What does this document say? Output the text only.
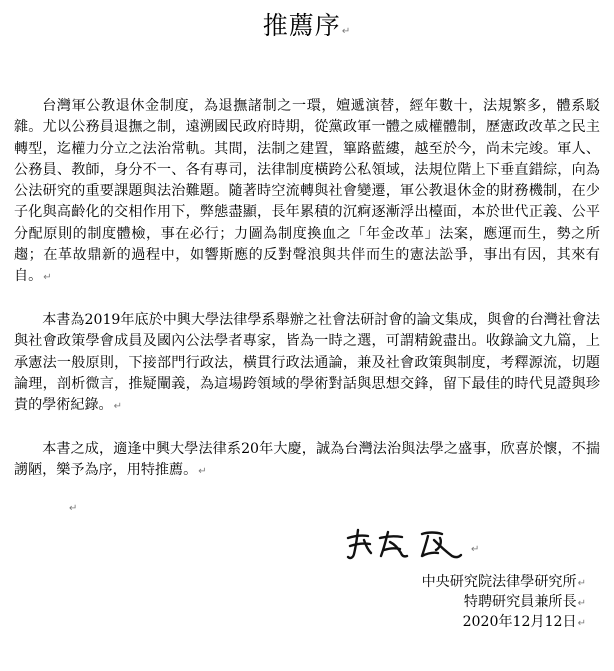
推薦序↵

台灣軍公教退休金制度，為退撫諸制之一環，嬗遞演替，經年數十，法規繁多，體系駁雜。尤以公務員退撫之制，遠溯國民政府時期，從黨政軍一體之威權體制，歷憲政改革之民主轉型，迄權力分立之法治常軌。其間，法制之建置，篳路藍縷，越至於今，尚未完竣。軍人、公務員、教師，身分不一、各有專司，法律制度橫跨公私領域，法規位階上下垂直錯綜，向為公法研究的重要課題與法治難題。隨著時空流轉與社會變遷，軍公教退休金的財務機制，在少子化與高齡化的交相作用下，弊態盡顯，長年累積的沉痾逐漸浮出檯面，本於世代正義、公平分配原則的制度體檢，事在必行；力圖為制度換血之「年金改革」法案，應運而生，勢之所趨；在革故鼎新的過程中，如響斯應的反對聲浪與共伴而生的憲法訟爭，事出有因，其來有自。↵

本書為2019年底於中興大學法律學系舉辦之社會法研討會的論文集成，與會的台灣社會法與社會政策學會成員及國內公法學者專家，皆為一時之選，可謂精銳盡出。收錄論文九篇，上承憲法一般原則，下接部門行政法，橫貫行政法通論，兼及社會政策與制度，考釋源流，切題論理，剖析微言，推疑闡義，為這場跨領域的學術對話與思想交鋒，留下最佳的時代見證與珍貴的學術紀錄。↵

本書之成，適逢中興大學法律系20年大慶，誠為台灣法治與法學之盛事，欣喜於懷，不揣謭陋，樂予為序，用特推薦。↵

↵
↵
中央研究院法律學研究所↵
特聘研究員兼所長↵
2020年12月12日↵
